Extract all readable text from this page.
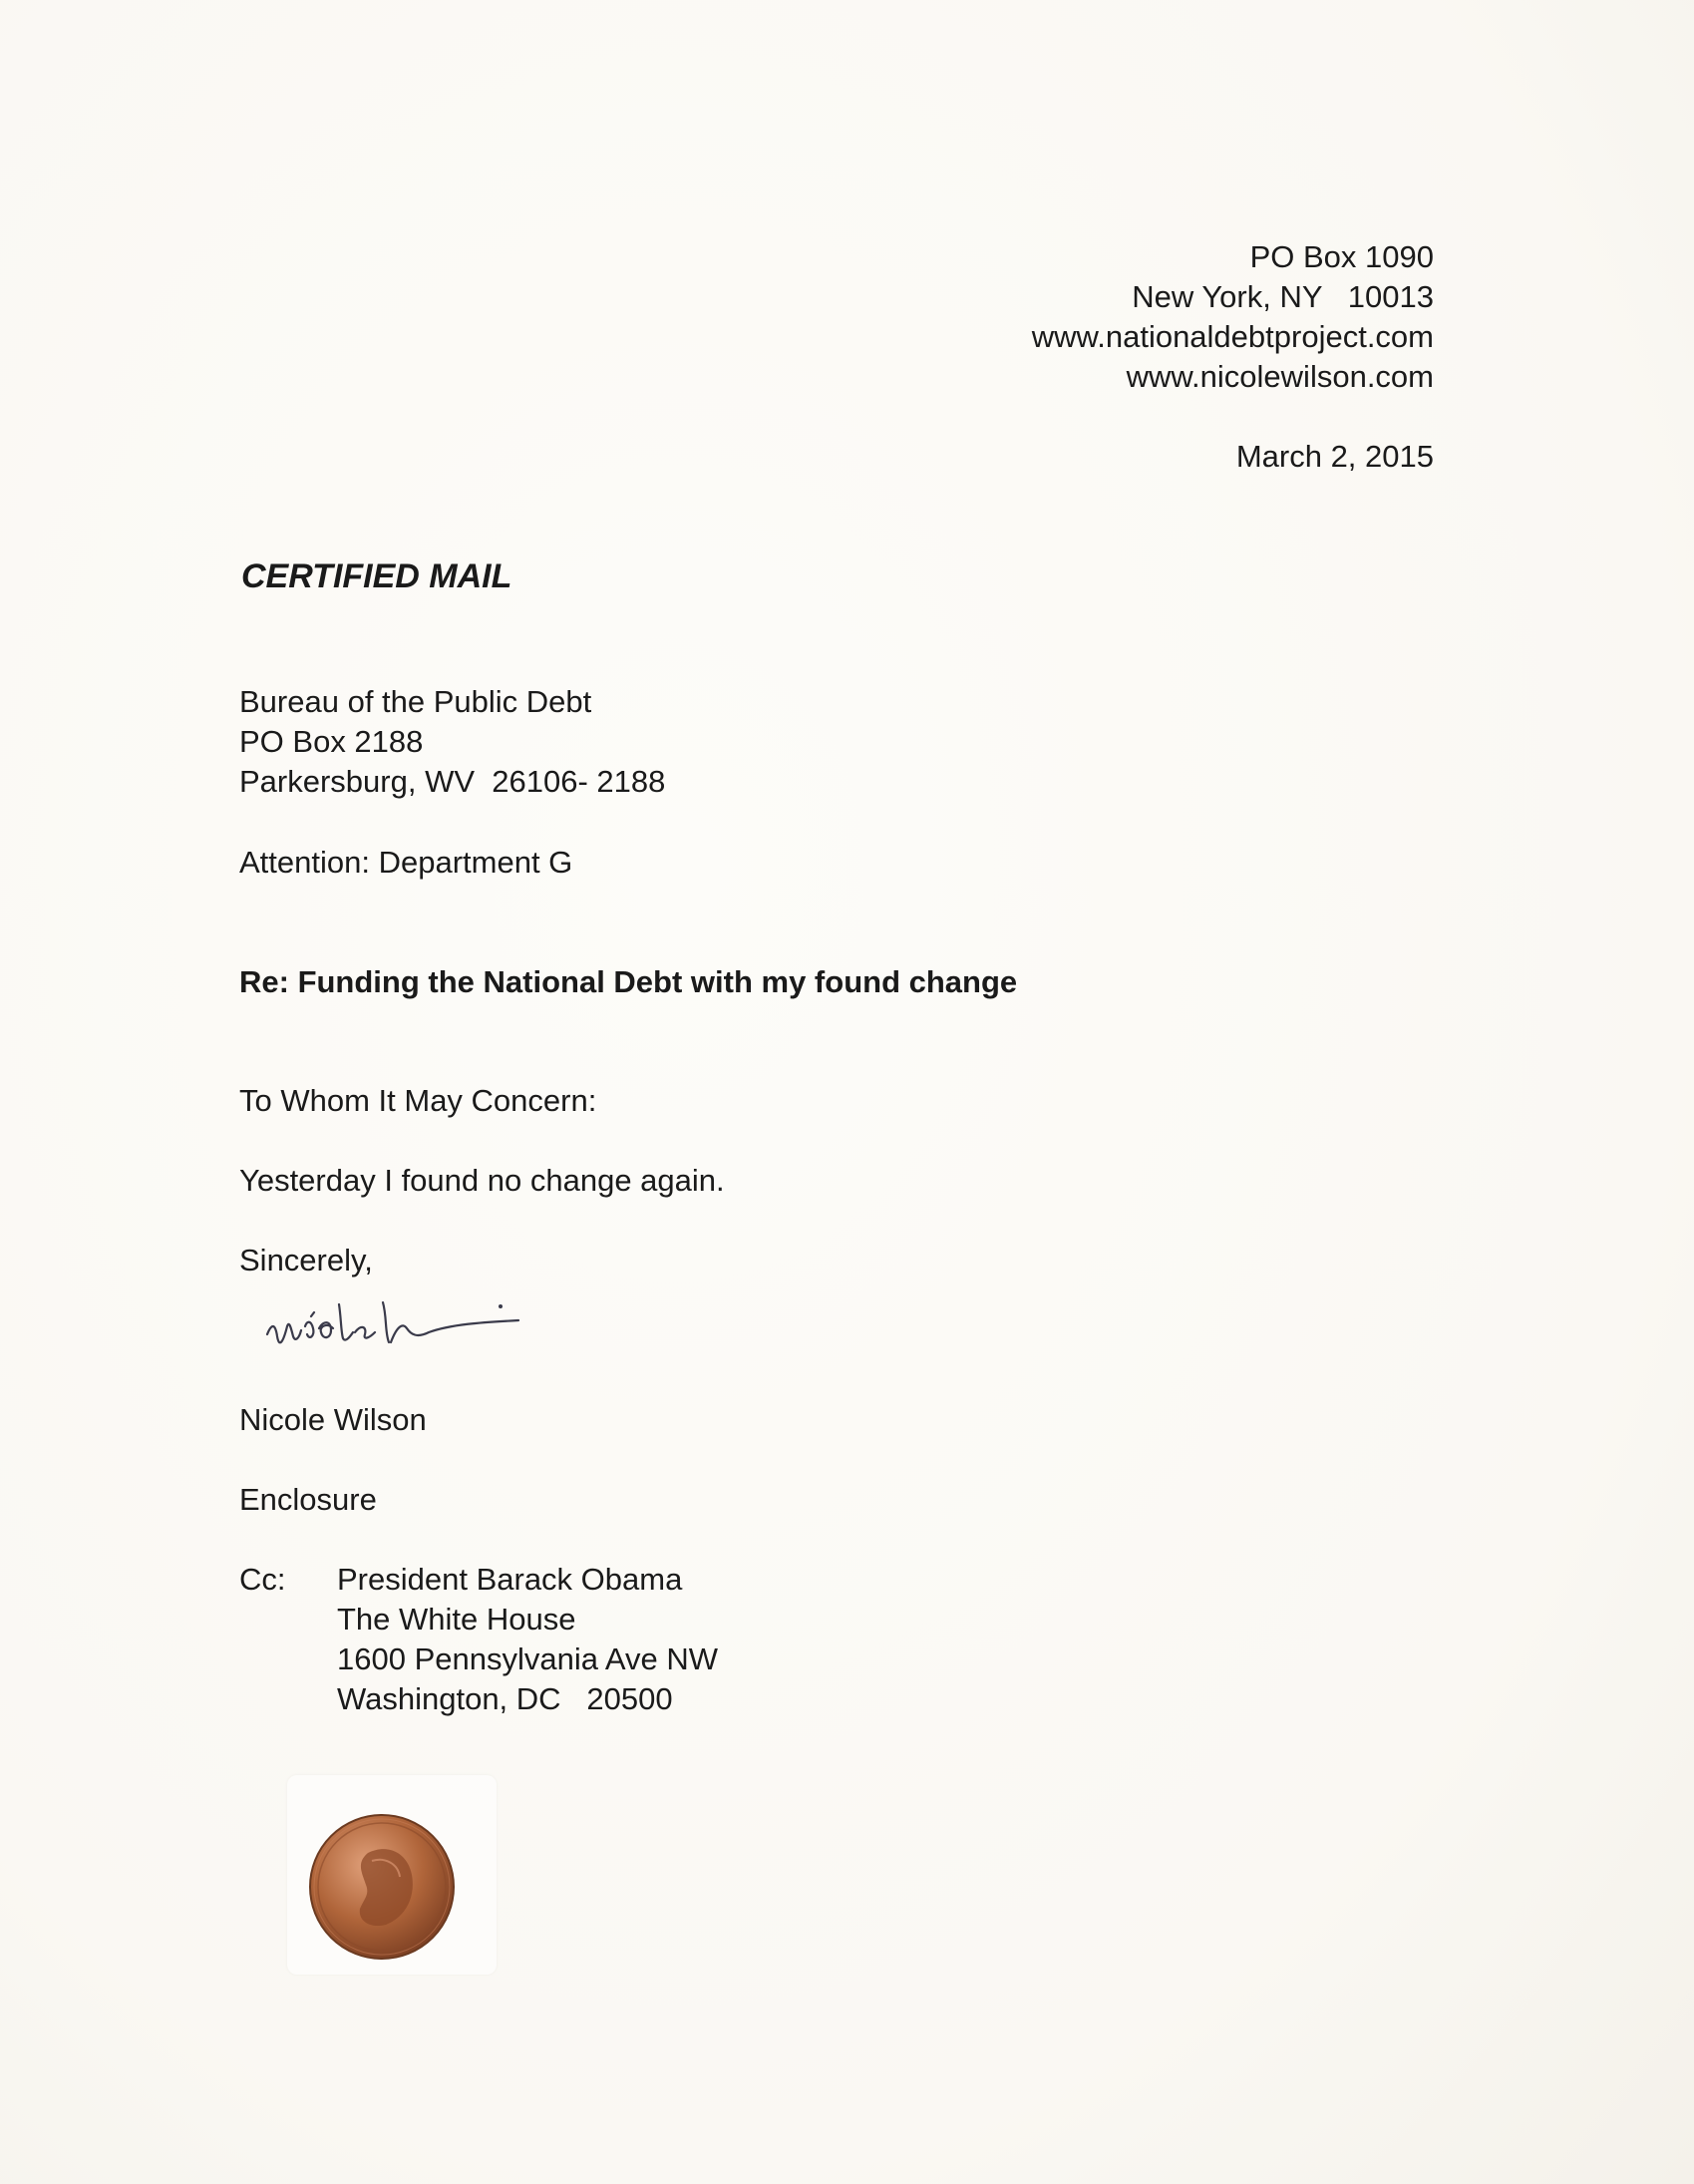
PO Box 1090
New York, NY   10013
www.nationaldebtproject.com
www.nicolewilson.com
March 2, 2015
CERTIFIED MAIL
Bureau of the Public Debt
PO Box 2188
Parkersburg, WV  26106- 2188
Attention: Department G
Re: Funding the National Debt with my found change
To Whom It May Concern:
Yesterday I found no change again.
Sincerely,
Nicole Wilson
Enclosure
Cc: President Barack Obama
The White House
1600 Pennsylvania Ave NW
Washington, DC   20500
